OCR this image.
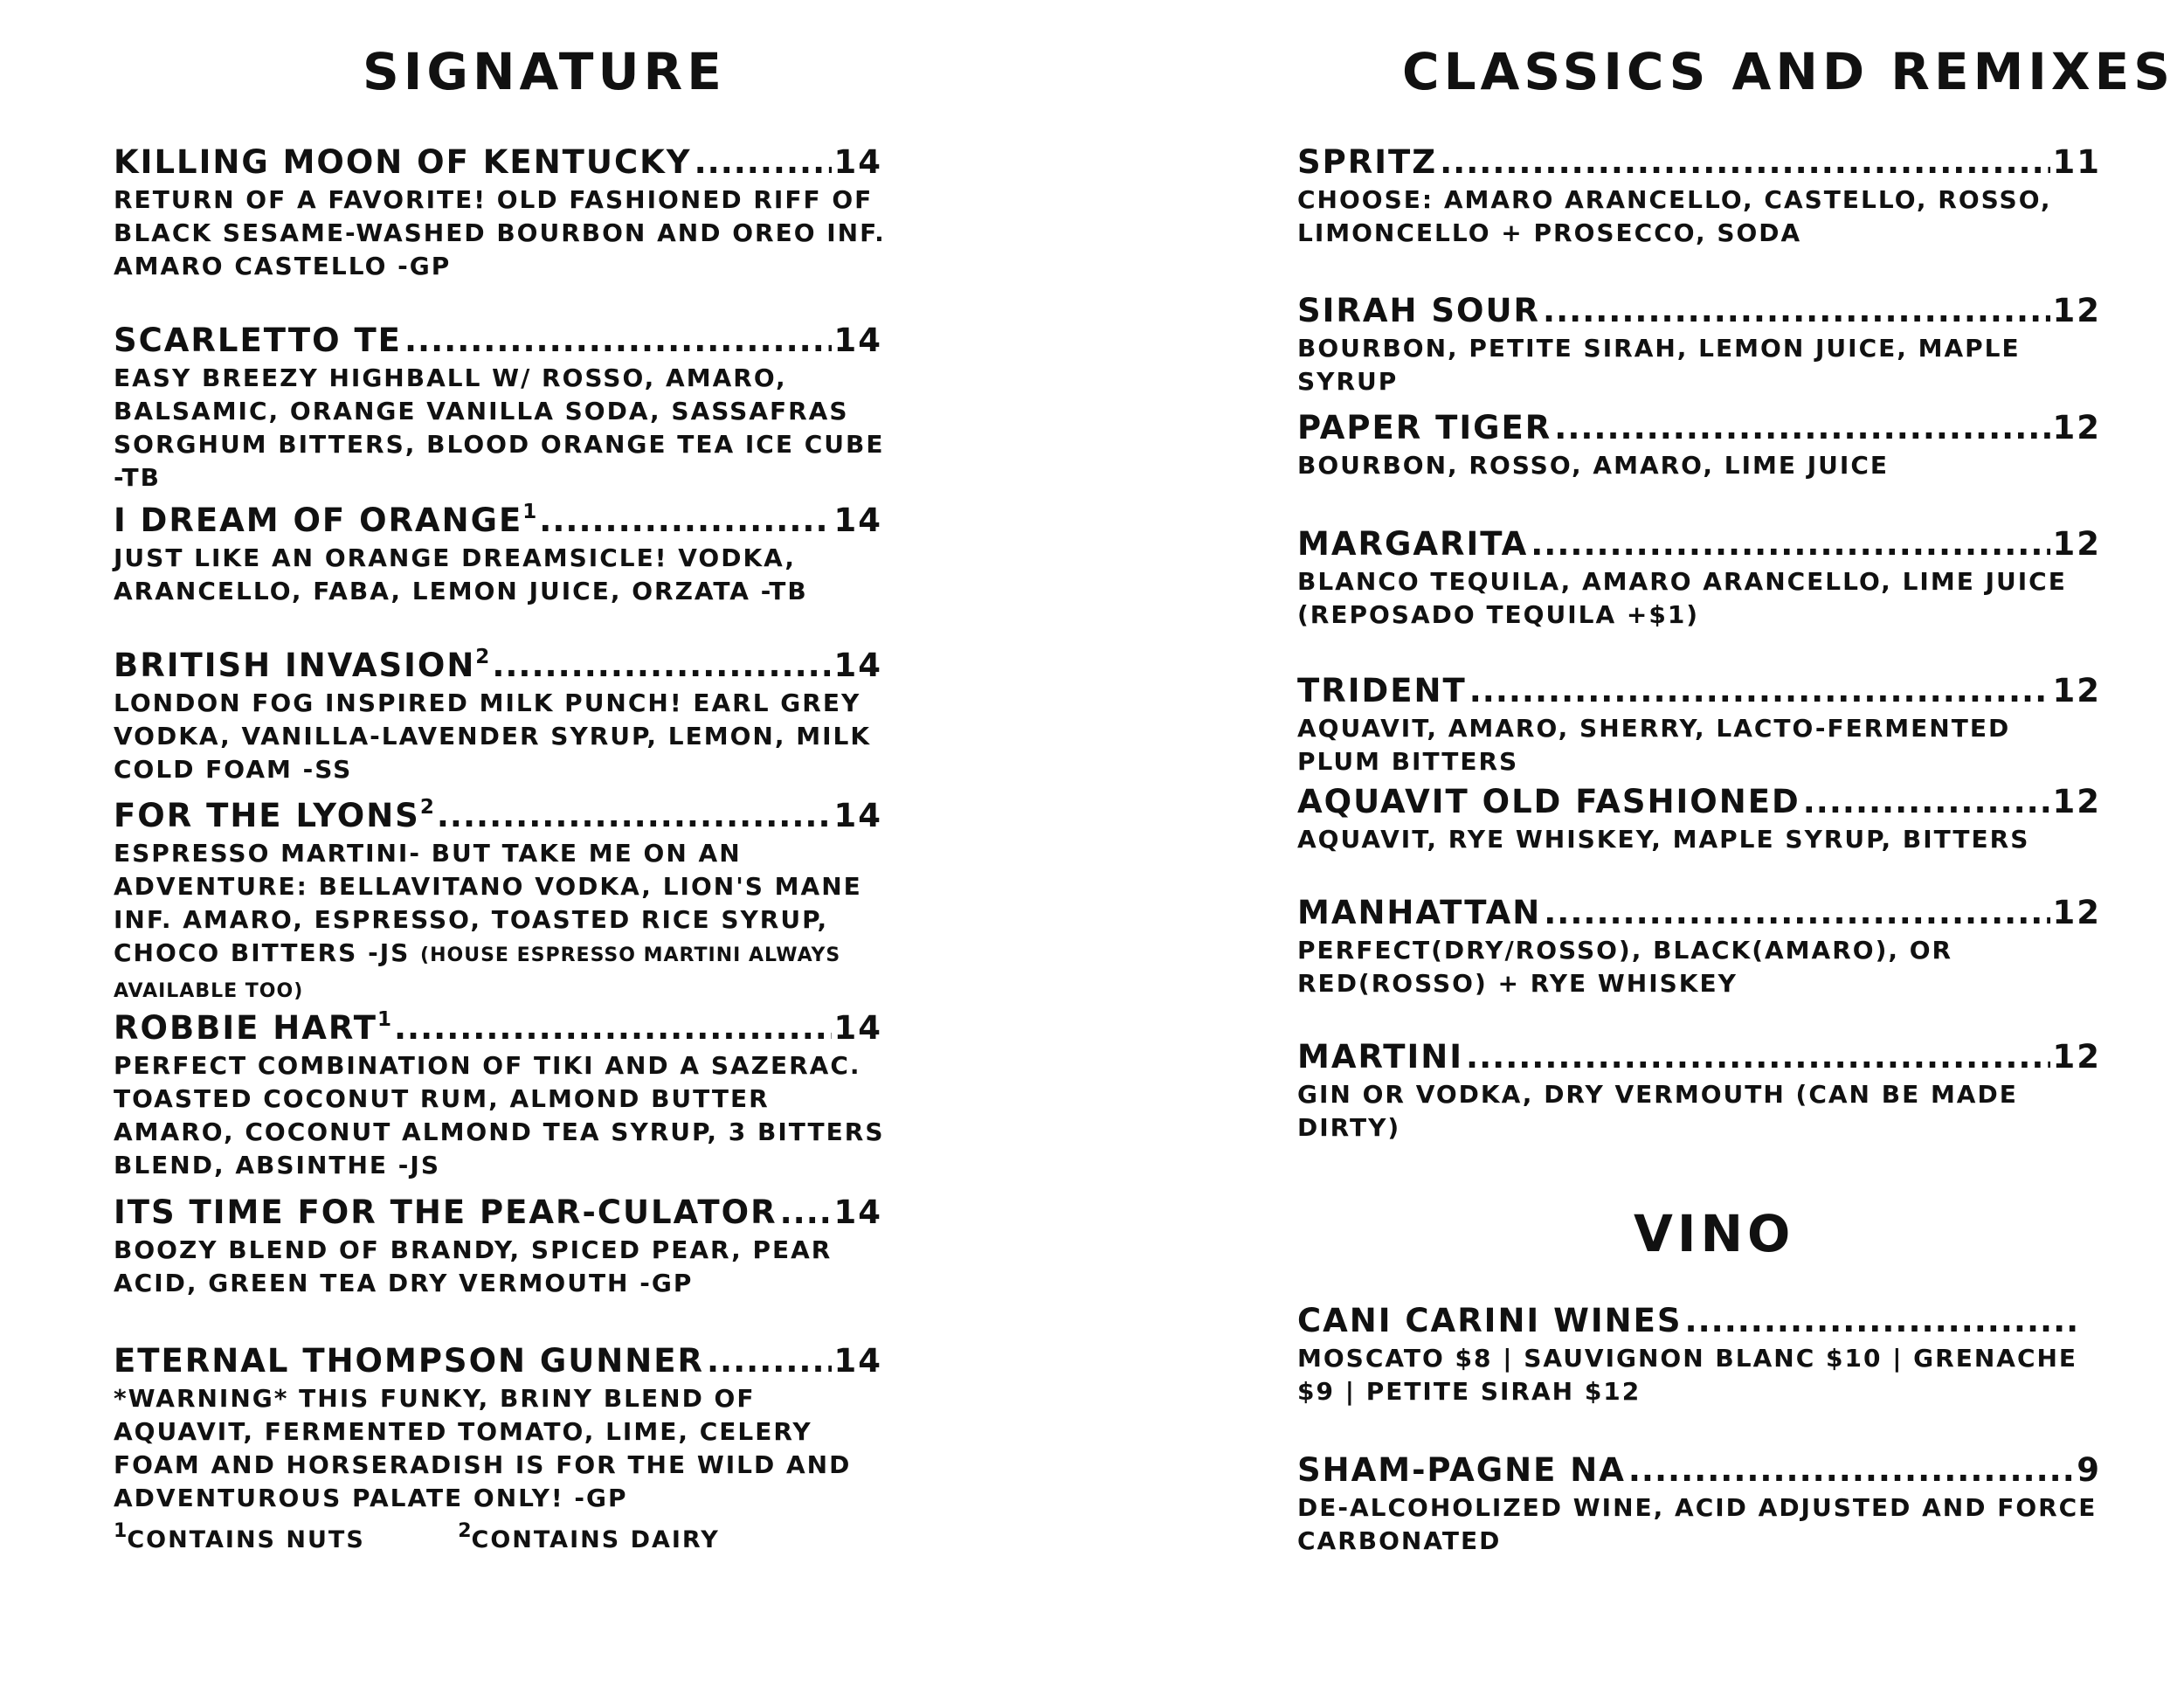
SIGNATURE
KILLING MOON OF KENTUCKY .....	14
RETURN OF A FAVORITE! OLD FASHIONED RIFF OF BLACK SESAME-WASHED BOURBON AND OREO INF. AMARO CASTELLO -GP
SCARLETTO TE .....	14
EASY BREEZY HIGHBALL W/ ROSSO, AMARO, BALSAMIC, ORANGE VANILLA SODA, SASSAFRAS SORGHUM BITTERS, BLOOD ORANGE TEA ICE CUBE -TB
I DREAM OF ORANGE$^1$ .....	14
JUST LIKE AN ORANGE DREAMSICLE! VODKA, ARANCELLO, FABA, LEMON JUICE, ORZATA -TB
BRITISH INVASION$^2$ .....	14
LONDON FOG INSPIRED MILK PUNCH! EARL GREY VODKA, VANILLA-LAVENDER SYRUP, LEMON, MILK COLD FOAM -SS
FOR THE LYONS$^2$ .....	14
ESPRESSO MARTINI- BUT TAKE ME ON AN ADVENTURE: BELLAVITANO VODKA, LION'S MANE INF. AMARO, ESPRESSO, TOASTED RICE SYRUP, CHOCO BITTERS -JS (HOUSE ESPRESSO MARTINI ALWAYS AVAILABLE TOO)
ROBBIE HART$^1$ .....	14
PERFECT COMBINATION OF TIKI AND A SAZERAC. TOASTED COCONUT RUM, ALMOND BUTTER AMARO, COCONUT ALMOND TEA SYRUP, 3 BITTERS BLEND, ABSINTHE -JS
ITS TIME FOR THE PEAR-CULATOR ..... 14
BOOZY BLEND OF BRANDY, SPICED PEAR, PEAR ACID, GREEN TEA DRY VERMOUTH -GP
ETERNAL THOMPSON GUNNER .....	14
*WARNING* THIS FUNKY, BRINY BLEND OF AQUAVIT, FERMENTED TOMATO, LIME, CELERY FOAM AND HORSERADISH IS FOR THE WILD AND ADVENTUROUS PALATE ONLY! -GP
$^1$CONTAINS NUTS	$^2$CONTAINS DAIRY
CLASSICS AND REMIXES
SPRITZ .....	11
CHOOSE: AMARO ARANCELLO, CASTELLO, ROSSO, LIMONCELLO + PROSECCO, SODA
SIRAH SOUR .....	12
BOURBON, PETITE SIRAH, LEMON JUICE, MAPLE SYRUP
PAPER TIGER .....	12
BOURBON, ROSSO, AMARO, LIME JUICE
MARGARITA .....	12
BLANCO TEQUILA, AMARO ARANCELLO, LIME JUICE (REPOSADO TEQUILA +$1)
TRIDENT .....	12
AQUAVIT, AMARO, SHERRY, LACTO-FERMENTED PLUM BITTERS
AQUAVIT OLD FASHIONED .....	12
AQUAVIT, RYE WHISKEY, MAPLE SYRUP, BITTERS
MANHATTAN .....	12
PERFECT(DRY/ROSSO), BLACK(AMARO), OR RED(ROSSO) + RYE WHISKEY
MARTINI .....	12
GIN OR VODKA, DRY VERMOUTH (CAN BE MADE DIRTY)
VINO
CANI CARINI WINES
.....
MOSCATO $8 | SAUVIGNON BLANC $10 | GRENACHE $9 | PETITE SIRAH $12
SHAM-PAGNE NA .....	9
DE-ALCOHOLIZED WINE, ACID ADJUSTED AND FORCE CARBONATED
